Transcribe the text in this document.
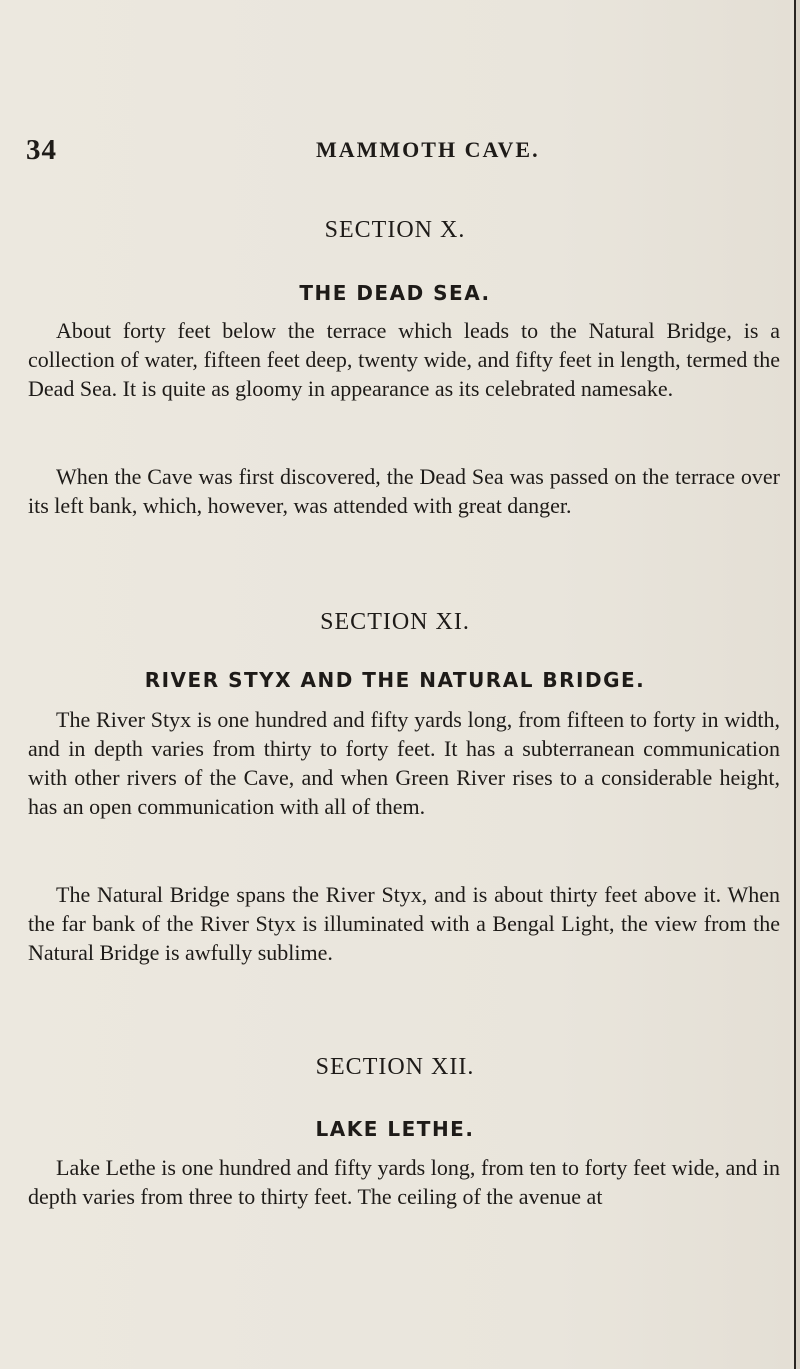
34	MAMMOTH CAVE.
SECTION X.
THE DEAD SEA.

About forty feet below the terrace which leads to the Natural Bridge, is a collection of water, fifteen feet deep, twenty wide, and fifty feet in length, termed the Dead Sea. It is quite as gloomy in appearance as its celebrated namesake.

When the Cave was first discovered, the Dead Sea was passed on the terrace over its left bank, which, however, was attended with great danger.

SECTION XI.
RIVER STYX AND THE NATURAL BRIDGE.

The River Styx is one hundred and fifty yards long, from fifteen to forty in width, and in depth varies from thirty to forty feet. It has a subterranean communication with other rivers of the Cave, and when Green River rises to a considerable height, has an open communication with all of them.

The Natural Bridge spans the River Styx, and is about thirty feet above it. When the far bank of the River Styx is illuminated with a Bengal Light, the view from the Natural Bridge is awfully sublime.

SECTION XII.
LAKE LETHE.

Lake Lethe is one hundred and fifty yards long, from ten to forty feet wide, and in depth varies from three to thirty feet. The ceiling of the avenue at
